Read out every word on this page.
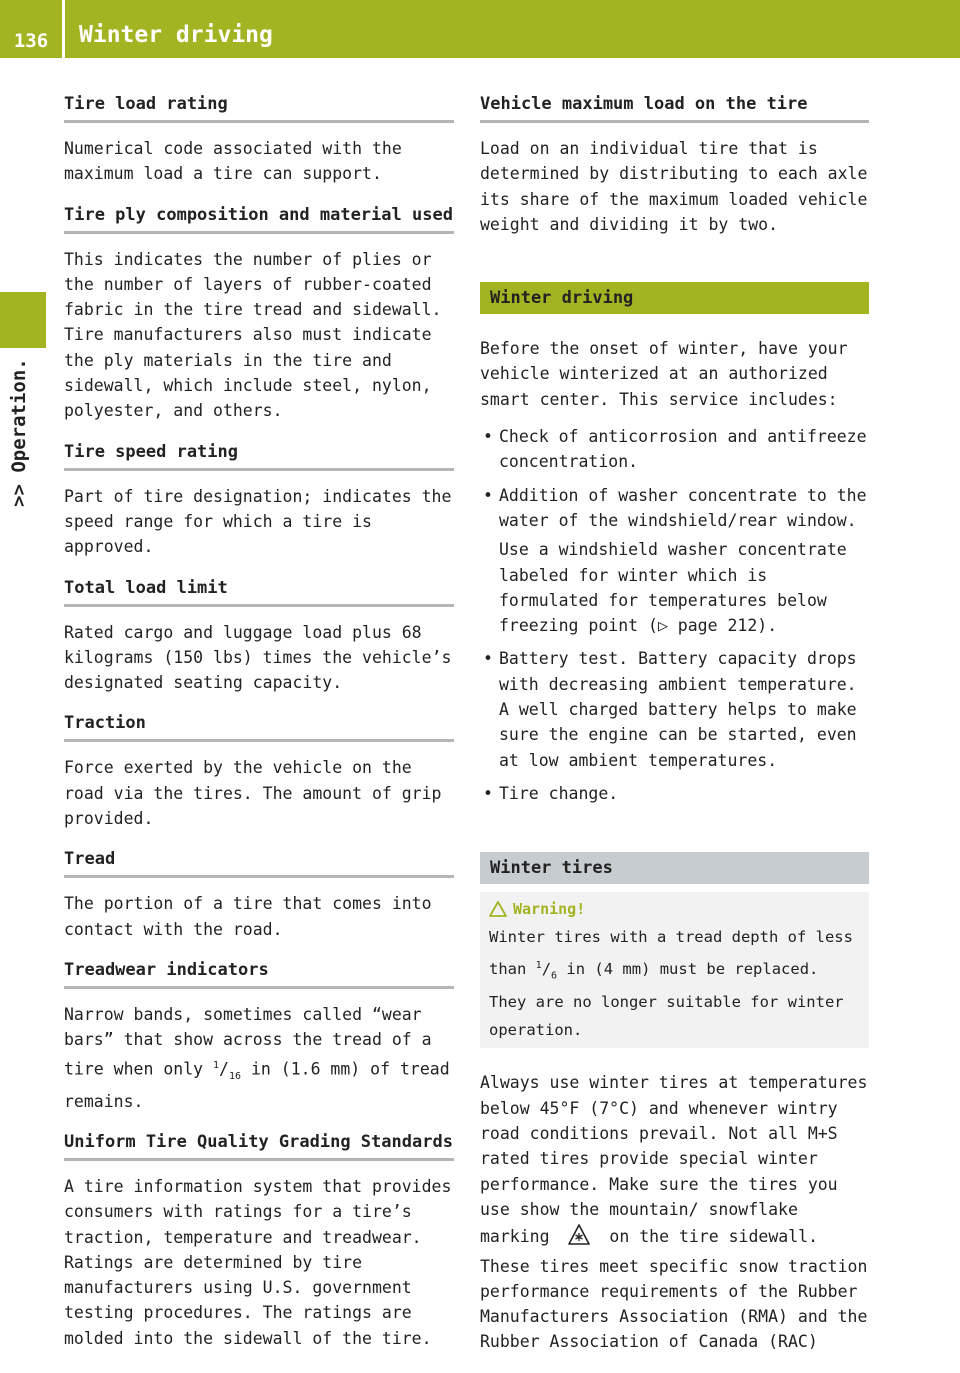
136	Winter driving
>> Operation.
Tire load rating

Numerical code associated with the maximum load a tire can support.

Tire ply composition and material used

This indicates the number of plies or the number of layers of rubber-coated fabric in the tire tread and sidewall. Tire manufacturers also must indicate the ply materials in the tire and sidewall, which include steel, nylon, polyester, and others.

Tire speed rating

Part of tire designation; indicates the speed range for which a tire is approved.

Total load limit

Rated cargo and luggage load plus 68 kilograms (150 lbs) times the vehicle’s designated seating capacity.

Traction

Force exerted by the vehicle on the road via the tires. The amount of grip provided.

Tread

The portion of a tire that comes into contact with the road.

Treadwear indicators

Narrow bands, sometimes called “wear bars” that show across the tread of a tire when only $^1/_{16}$ in (1.6 mm) of tread remains.

Uniform Tire Quality Grading Standards

A tire information system that provides consumers with ratings for a tire’s traction, temperature and treadwear. Ratings are determined by tire manufacturers using U.S. government testing procedures. The ratings are molded into the sidewall of the tire.

Vehicle maximum load on the tire

Load on an individual tire that is determined by distributing to each axle its share of the maximum loaded vehicle weight and dividing it by two.

Winter driving

Before the onset of winter, have your vehicle winterized at an authorized smart center. This service includes:

• Check of anticorrosion and antifreeze concentration.
• Addition of washer concentrate to the water of the windshield/rear window.
Use a windshield washer concentrate labeled for winter which is formulated for temperatures below freezing point (▷ page 212).
• Battery test. Battery capacity drops with decreasing ambient temperature. A well charged battery helps to make sure the engine can be started, even at low ambient temperatures.
• Tire change.
Winter tires
Warning!

Winter tires with a tread depth of less than $^1/_6$ in (4 mm) must be replaced. They are no longer suitable for winter operation.

Always use winter tires at temperatures below 45°F (7°C) and whenever wintry road conditions prevail. Not all M+S rated tires provide special winter performance. Make sure the tires you use show the mountain/ snowflake marking  on the tire sidewall. These tires meet specific snow traction performance requirements of the Rubber Manufacturers Association (RMA) and the Rubber Association of Canada (RAC)
